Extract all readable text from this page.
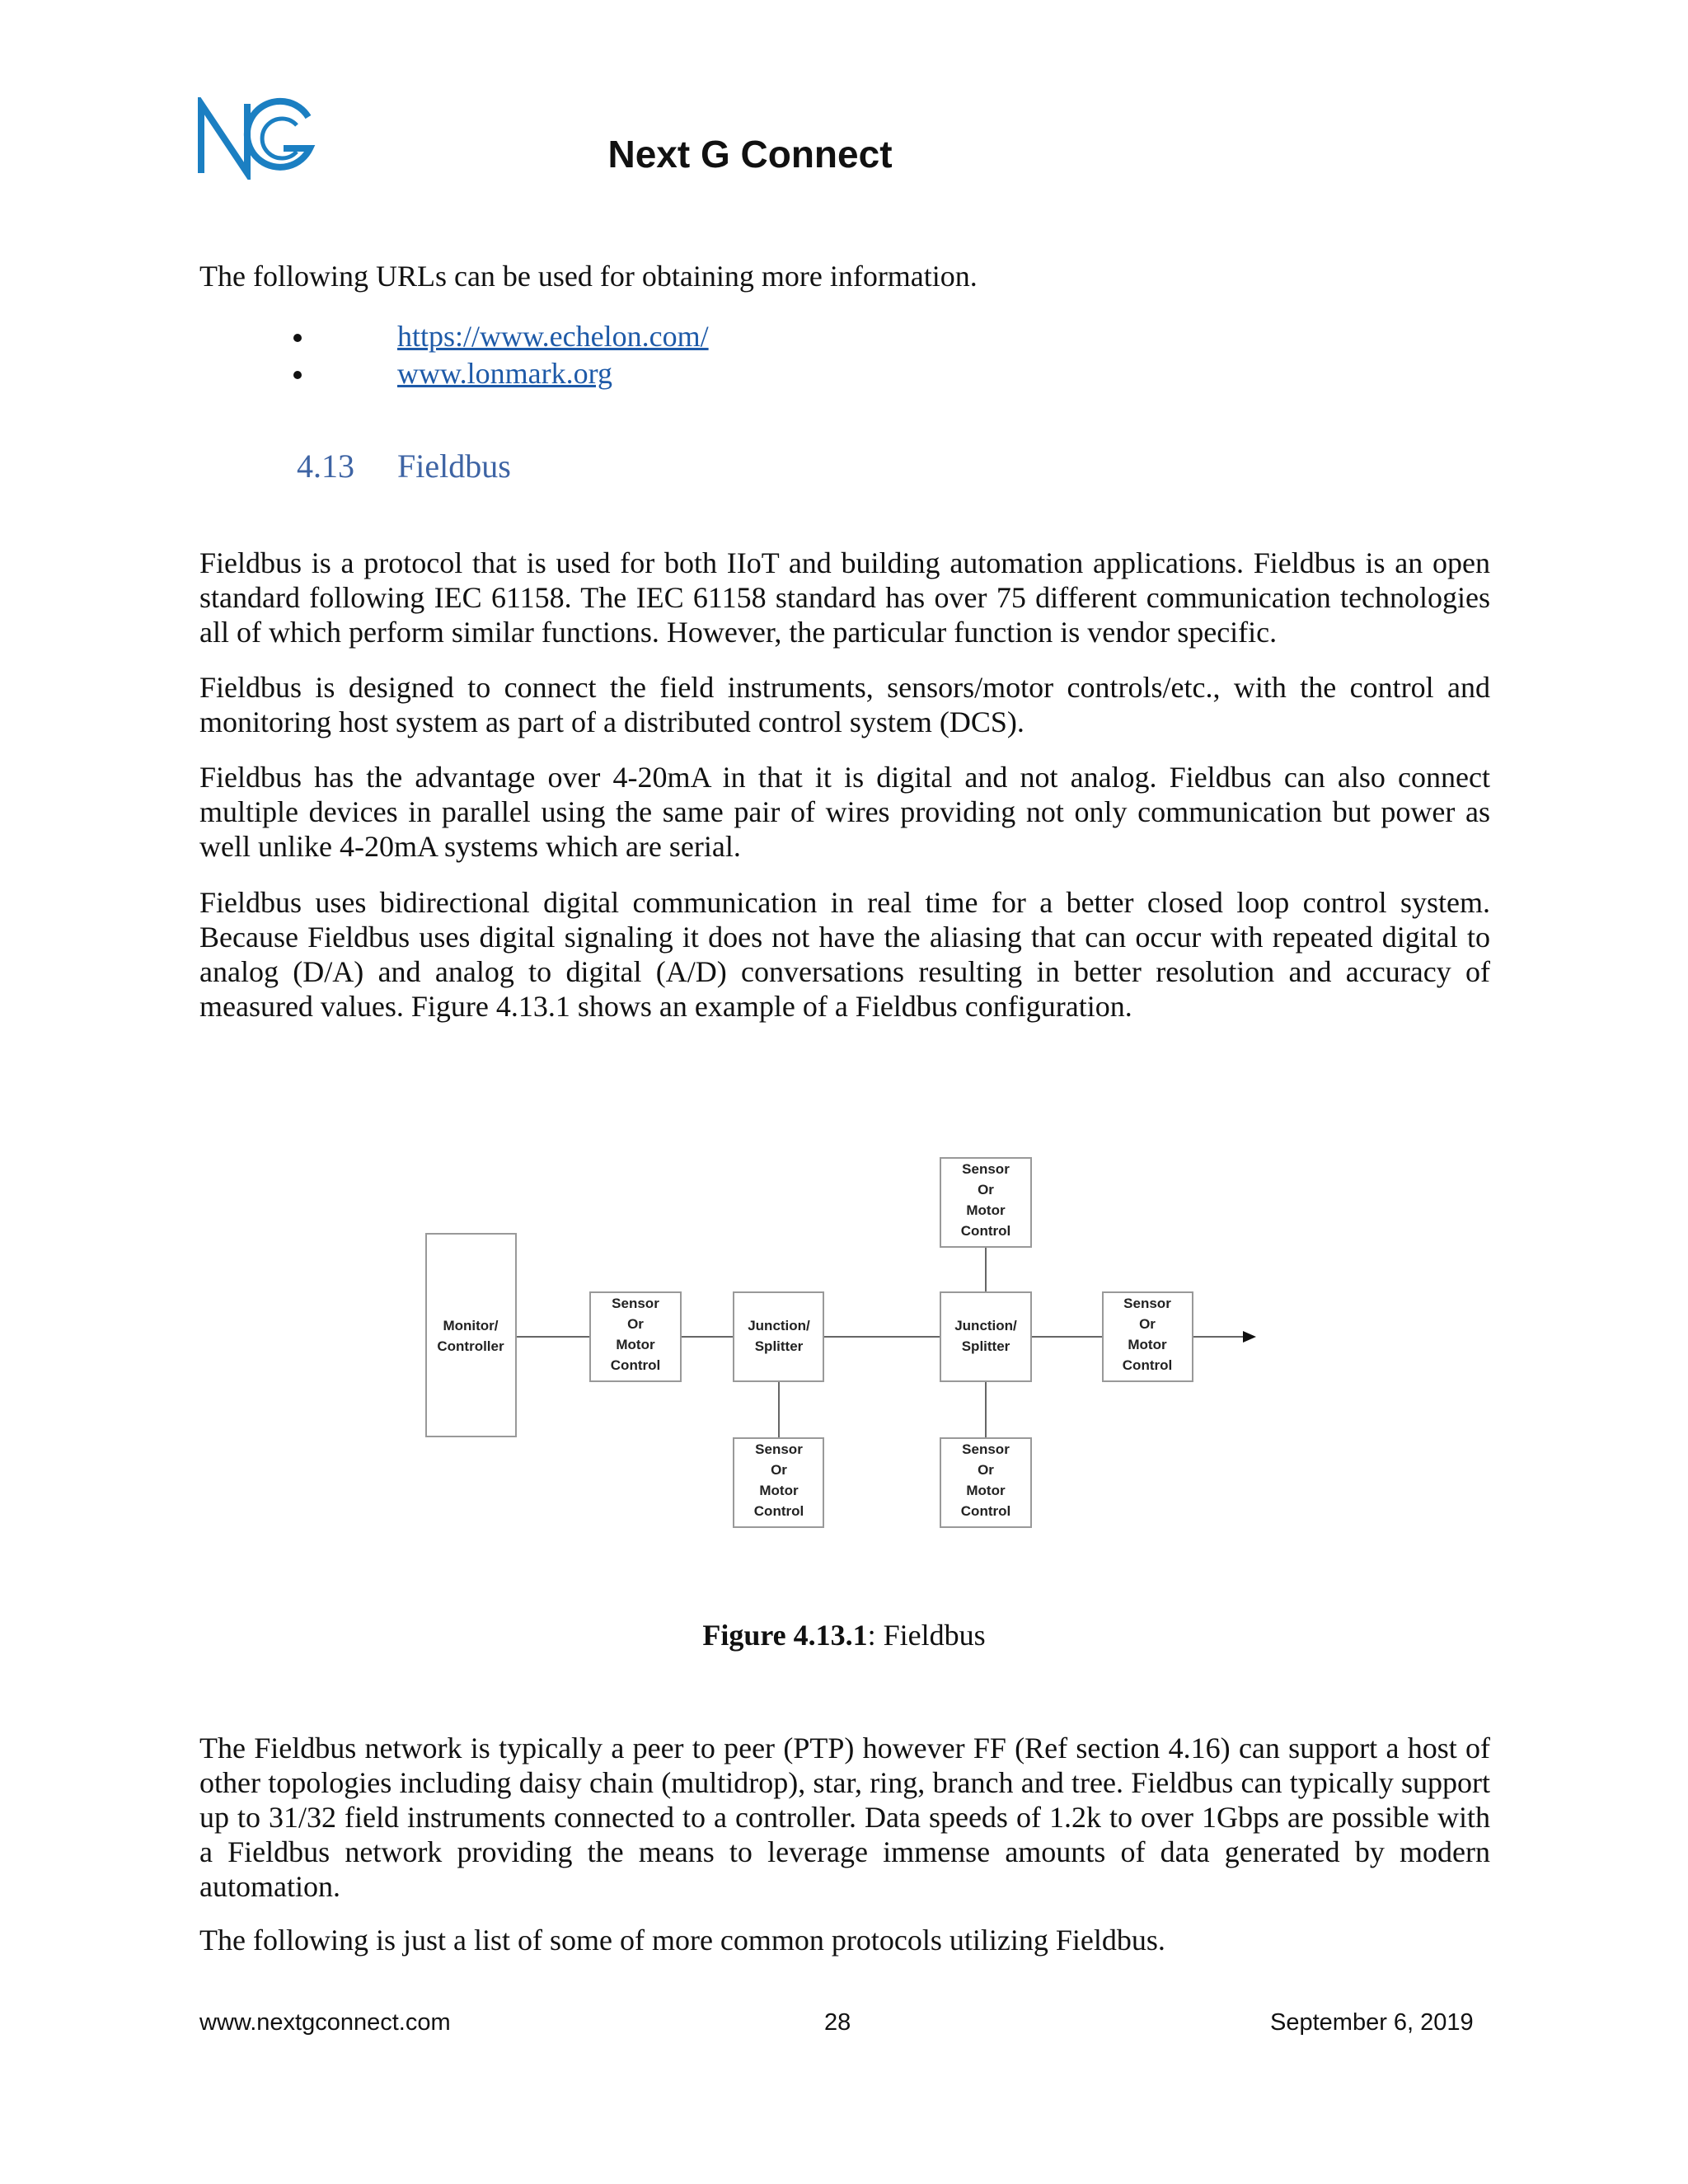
Next G Connect
The following URLs can be used for obtaining more information.
https://www.echelon.com/
www.lonmark.org
4.13 Fieldbus

Fieldbus is a protocol that is used for both IIoT and building automation applications. Fieldbus is an open standard following IEC 61158. The IEC 61158 standard has over 75 different communication technologies all of which perform similar functions. However, the particular function is vendor specific.

Fieldbus is designed to connect the field instruments, sensors/motor controls/etc., with the control and monitoring host system as part of a distributed control system (DCS).

Fieldbus has the advantage over 4-20mA in that it is digital and not analog. Fieldbus can also connect multiple devices in parallel using the same pair of wires providing not only communication but power as well unlike 4-20mA systems which are serial.

Fieldbus uses bidirectional digital communication in real time for a better closed loop control system. Because Fieldbus uses digital signaling it does not have the aliasing that can occur with repeated digital to analog (D/A) and analog to digital (A/D) conversations resulting in better resolution and accuracy of measured values. Figure 4.13.1 shows an example of a Fieldbus configuration.

Monitor/
Controller
Sensor
Or
Motor
Control
Junction/
Splitter
Junction/
Splitter
Sensor
Or
Motor
Control
Sensor
Or
Motor
Control
Sensor
Or
Motor
Control
Sensor
Or
Motor
Control
Figure 4.13.1: Fieldbus

The Fieldbus network is typically a peer to peer (PTP) however FF (Ref section 4.16) can support a host of other topologies including daisy chain (multidrop), star, ring, branch and tree. Fieldbus can typically support up to 31/32 field instruments connected to a controller. Data speeds of 1.2k to over 1Gbps are possible with a Fieldbus network providing the means to leverage immense amounts of data generated by modern automation.

The following is just a list of some of more common protocols utilizing Fieldbus.

www.nextgconnect.com	28	September 6, 2019
